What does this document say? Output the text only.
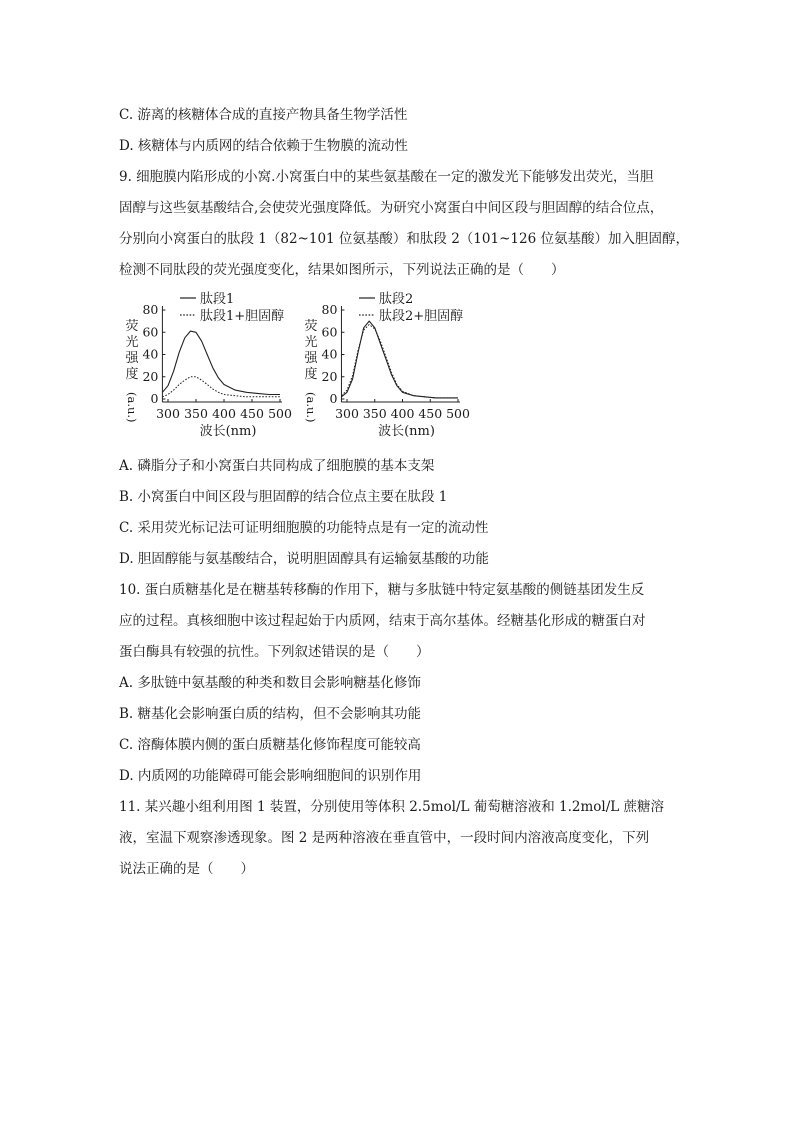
C. 游离的核糖体合成的直接产物具备生物学活性
D. 核糖体与内质网的结合依赖于生物膜的流动性
9. 细胞膜内陷形成的小窝.小窝蛋白中的某些氨基酸在一定的激发光下能够发出荧光，当胆
固醇与这些氨基酸结合,会使荧光强度降低。为研究小窝蛋白中间区段与胆固醇的结合位点，
分别向小窝蛋白的肽段 1（82~101 位氨基酸）和肽段 2（101~126 位氨基酸）加入胆固醇，
检测不同肽段的荧光强度变化，结果如图所示，下列说法正确的是（　　）
A. 磷脂分子和小窝蛋白共同构成了细胞膜的基本支架
B. 小窝蛋白中间区段与胆固醇的结合位点主要在肽段 1
C. 采用荧光标记法可证明细胞膜的功能特点是有一定的流动性
D. 胆固醇能与氨基酸结合，说明胆固醇具有运输氨基酸的功能
10. 蛋白质糖基化是在糖基转移酶的作用下，糖与多肽链中特定氨基酸的侧链基团发生反
应的过程。真核细胞中该过程起始于内质网，结束于高尔基体。经糖基化形成的糖蛋白对
蛋白酶具有较强的抗性。下列叙述错误的是（　　）
A. 多肽链中氨基酸的种类和数目会影响糖基化修饰
B. 糖基化会影响蛋白质的结构，但不会影响其功能
C. 溶酶体膜内侧的蛋白质糖基化修饰程度可能较高
D. 内质网的功能障碍可能会影响细胞间的识别作用
11. 某兴趣小组利用图 1 装置，分别使用等体积 2.5mol/L 葡萄糖溶液和 1.2mol/L 蔗糖溶
液，室温下观察渗透现象。图 2 是两种溶液在垂直管中，一段时间内溶液高度变化，下列
说法正确的是（　　）
0
20
40
60
80
300 350 400 450 500
波长(nm)
荧
光
强
度
(a.u.)
肽段1
肽段1+胆固醇
0
20
40
60
80
300 350 400 450 500
波长(nm)
荧
光
强
度
(a.u.)
肽段2
肽段2+胆固醇
